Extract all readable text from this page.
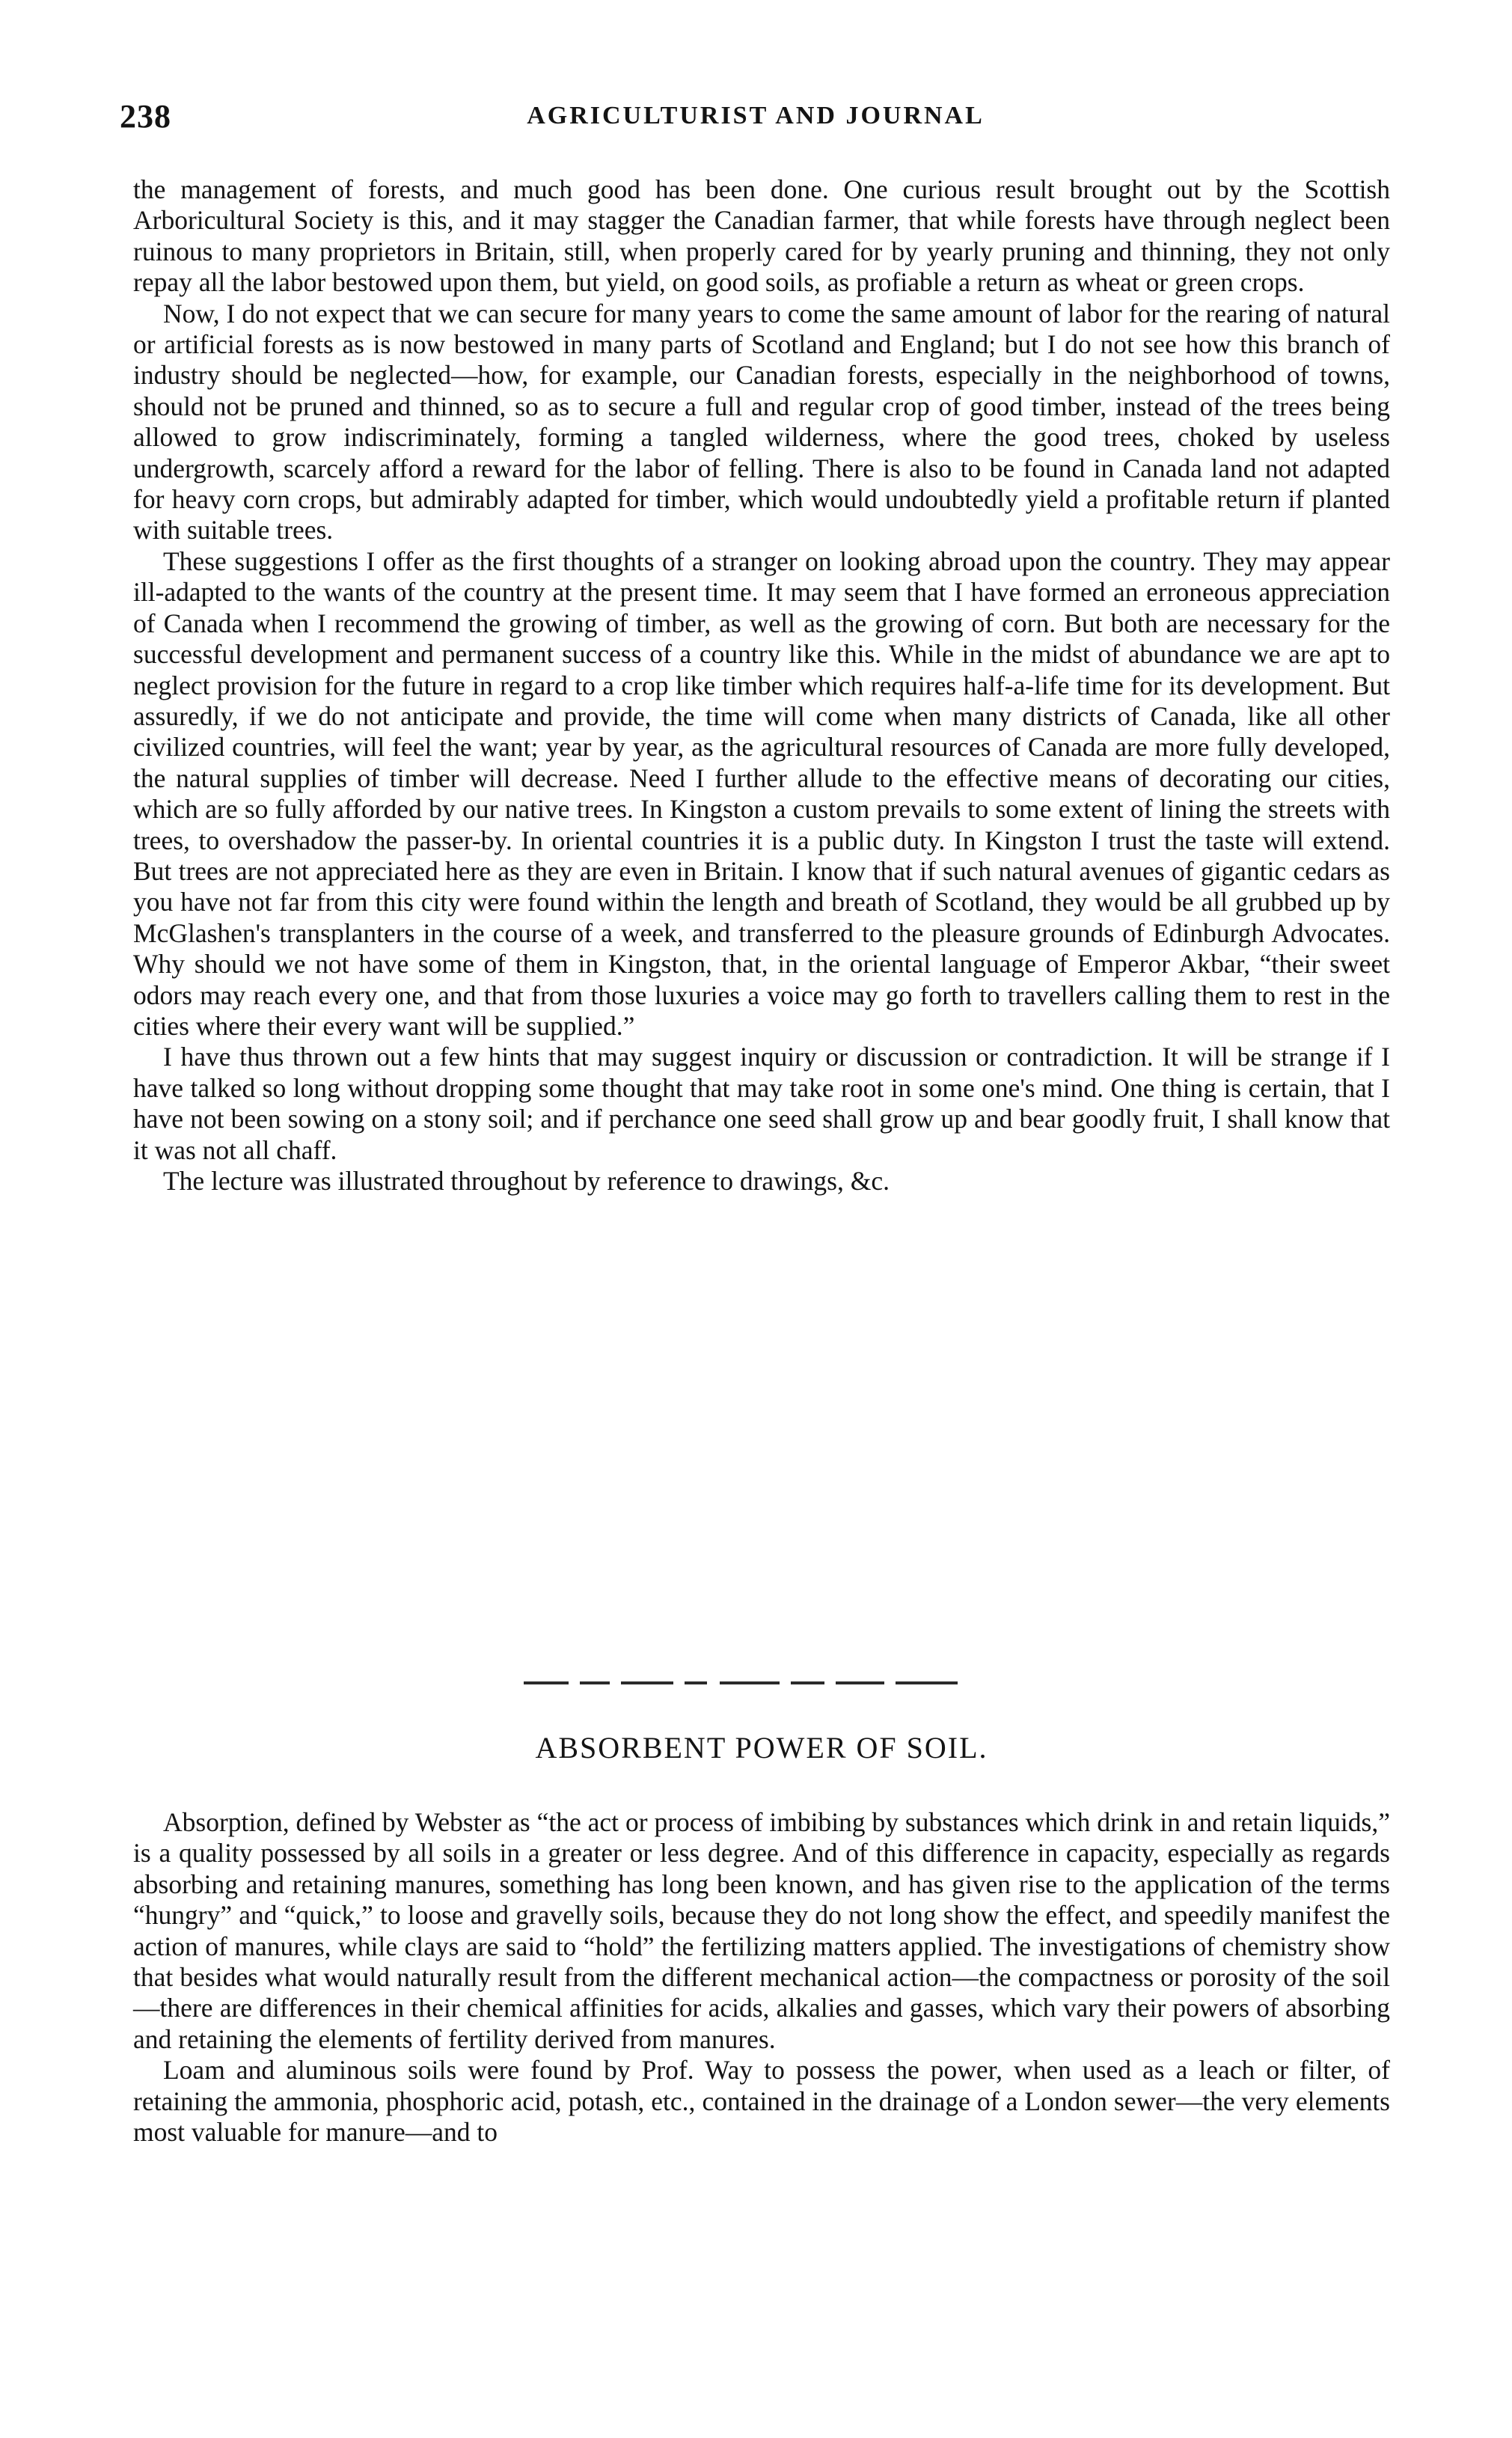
238	AGRICULTURIST AND JOURNAL

the management of forests, and much good has been done. One curious result brought out by the Scottish Arboricultural Society is this, and it may stagger the Canadian farmer, that while forests have through neglect been ruinous to many proprietors in Britain, still, when properly cared for by yearly pruning and thinning, they not only repay all the labor bestowed upon them, but yield, on good soils, as profiable a return as wheat or green crops.

Now, I do not expect that we can secure for many years to come the same amount of labor for the rearing of natural or artificial forests as is now bestowed in many parts of Scotland and England; but I do not see how this branch of industry should be neglected—how, for example, our Canadian forests, especially in the neighborhood of towns, should not be pruned and thinned, so as to secure a full and regular crop of good timber, instead of the trees being allowed to grow indiscriminately, forming a tangled wilderness, where the good trees, choked by useless undergrowth, scarcely afford a reward for the labor of felling. There is also to be found in Canada land not adapted for heavy corn crops, but admirably adapted for timber, which would undoubtedly yield a profitable return if planted with suitable trees.

These suggestions I offer as the first thoughts of a stranger on looking abroad upon the country. They may appear ill-adapted to the wants of the country at the present time. It may seem that I have formed an erroneous appreciation of Canada when I recommend the growing of timber, as well as the growing of corn. But both are necessary for the successful development and permanent success of a country like this. While in the midst of abundance we are apt to neglect provision for the future in regard to a crop like timber which requires half-a-life time for its development. But assuredly, if we do not anticipate and provide, the time will come when many districts of Canada, like all other civilized countries, will feel the want; year by year, as the agricultural resources of Canada are more fully developed, the natural supplies of timber will decrease. Need I further allude to the effective means of decorating our cities, which are so fully afforded by our native trees. In Kingston a custom prevails to some extent of lining the streets with trees, to overshadow the passer-by. In oriental countries it is a public duty. In Kingston I trust the taste will extend. But trees are not appreciated here as they are even in Britain. I know that if such natural avenues of gigantic cedars as you have not far from this city were found within the length and breath of Scotland, they would be all grubbed up by McGlashen's transplanters in the course of a week, and transferred to the pleasure grounds of Edinburgh Advocates. Why should we not have some of them in Kingston, that, in the oriental language of Emperor Akbar, “their sweet odors may reach every one, and that from those luxuries a voice may go forth to travellers calling them to rest in the cities where their every want will be supplied.”

I have thus thrown out a few hints that may suggest inquiry or discussion or contradiction. It will be strange if I have talked so long without dropping some thought that may take root in some one's mind. One thing is certain, that I have not been sowing on a stony soil; and if perchance one seed shall grow up and bear goodly fruit, I shall know that it was not all chaff.

The lecture was illustrated throughout by reference to drawings, &c.

ABSORBENT POWER OF SOIL.

Absorption, defined by Webster as “the act or process of imbibing by substances which drink in and retain liquids,” is a quality possessed by all soils in a greater or less degree. And of this difference in capacity, especially as regards absorbing and retaining manures, something has long been known, and has given rise to the application of the terms “hungry” and “quick,” to loose and gravelly soils, because they do not long show the effect, and speedily manifest the action of manures, while clays are said to “hold” the fertilizing matters applied. The investigations of chemistry show that besides what would naturally result from the different mechanical action—the compactness or porosity of the soil—there are differences in their chemical affinities for acids, alkalies and gasses, which vary their powers of absorbing and retaining the elements of fertility derived from manures.

Loam and aluminous soils were found by Prof. Way to possess the power, when used as a leach or filter, of retaining the ammonia, phosphoric acid, potash, etc., contained in the drainage of a London sewer—the very elements most valuable for manure—and to
